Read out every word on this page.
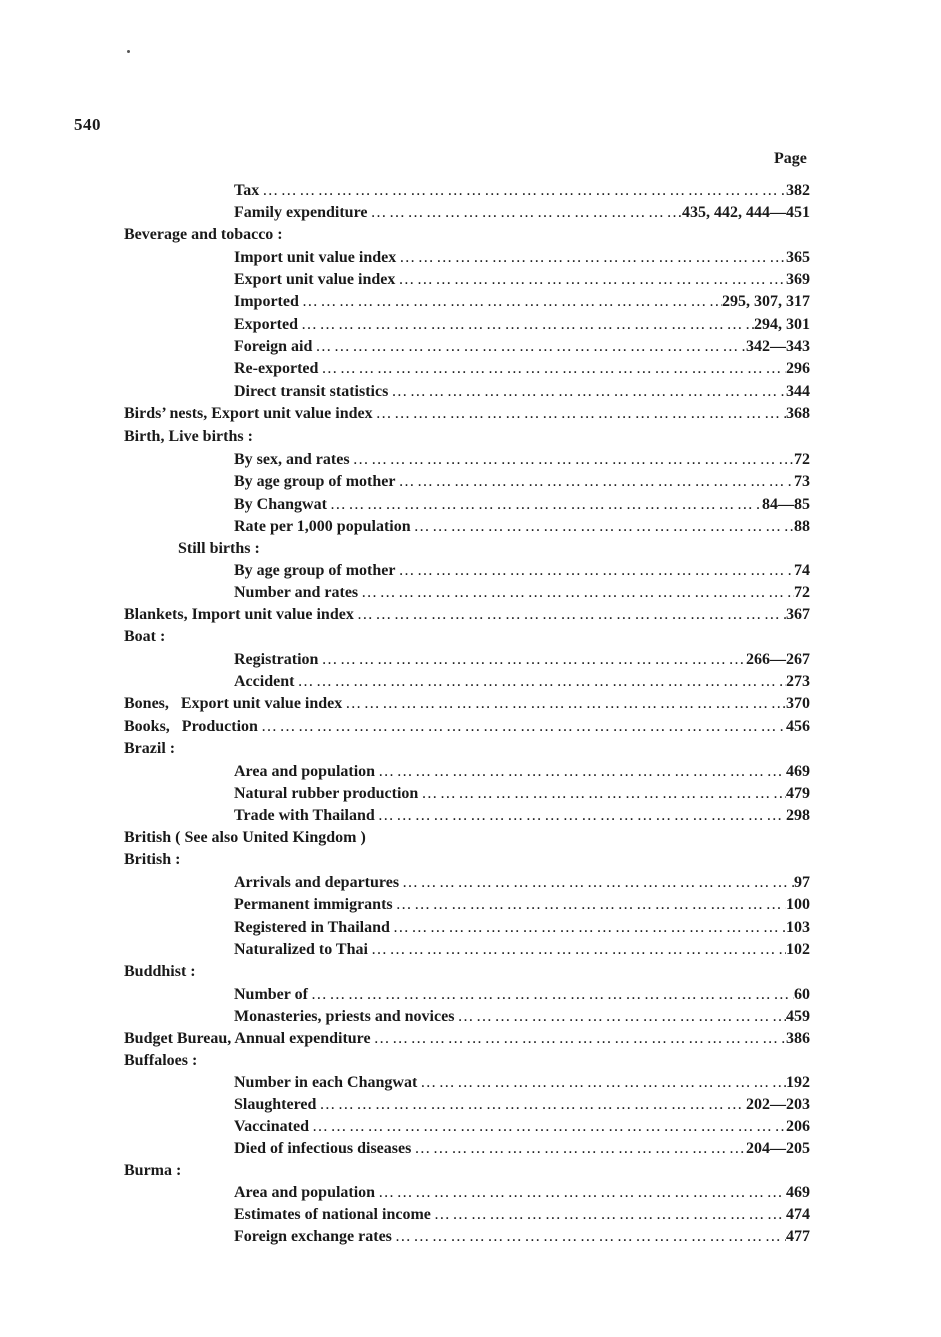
540
Page
Tax ………………………………………………………………………………………………	382
Family expenditure ………………………………………………………………………………………………	435, 442, 444—451
Beverage and tobacco :
Import unit value index ………………………………………………………………………………………………	365
Export unit value index ………………………………………………………………………………………………	369
Imported ………………………………………………………………………………………………	295, 307, 317
Exported ………………………………………………………………………………………………	294, 301
Foreign aid ………………………………………………………………………………………………	342—343
Re-exported ………………………………………………………………………………………………	296
Direct transit statistics ………………………………………………………………………………………………	344
Birds’ nests, Export unit value index ………………………………………………………………………………………………	368
Birth, Live births :
By sex, and rates ………………………………………………………………………………………………	72
By age group of mother ………………………………………………………………………………………………	73
By Changwat ………………………………………………………………………………………………	84—85
Rate per 1,000 population ………………………………………………………………………………………………	88
Still births :
By age group of mother ………………………………………………………………………………………………	74
Number and rates ………………………………………………………………………………………………	72
Blankets, Import unit value index ………………………………………………………………………………………………	367
Boat :
Registration ………………………………………………………………………………………………	266—267
Accident ………………………………………………………………………………………………	273
Bones,   Export unit value index ………………………………………………………………………………………………	370
Books,   Production ………………………………………………………………………………………………	456
Brazil :
Area and population ………………………………………………………………………………………………	469
Natural rubber production ………………………………………………………………………………………………	479
Trade with Thailand ………………………………………………………………………………………………	298
British ( See also United Kingdom )
British :
Arrivals and departures ………………………………………………………………………………………………	97
Permanent immigrants ………………………………………………………………………………………………	100
Registered in Thailand ………………………………………………………………………………………………	103
Naturalized to Thai ………………………………………………………………………………………………	102
Buddhist :
Number of ………………………………………………………………………………………………	60
Monasteries, priests and novices ………………………………………………………………………………………………	459
Budget Bureau, Annual expenditure ………………………………………………………………………………………………	386
Buffaloes :
Number in each Changwat ………………………………………………………………………………………………	192
Slaughtered ………………………………………………………………………………………………	202—203
Vaccinated ………………………………………………………………………………………………	206
Died of infectious diseases ………………………………………………………………………………………………	204—205
Burma :
Area and population ………………………………………………………………………………………………	469
Estimates of national income ………………………………………………………………………………………………	474
Foreign exchange rates ………………………………………………………………………………………………	477
